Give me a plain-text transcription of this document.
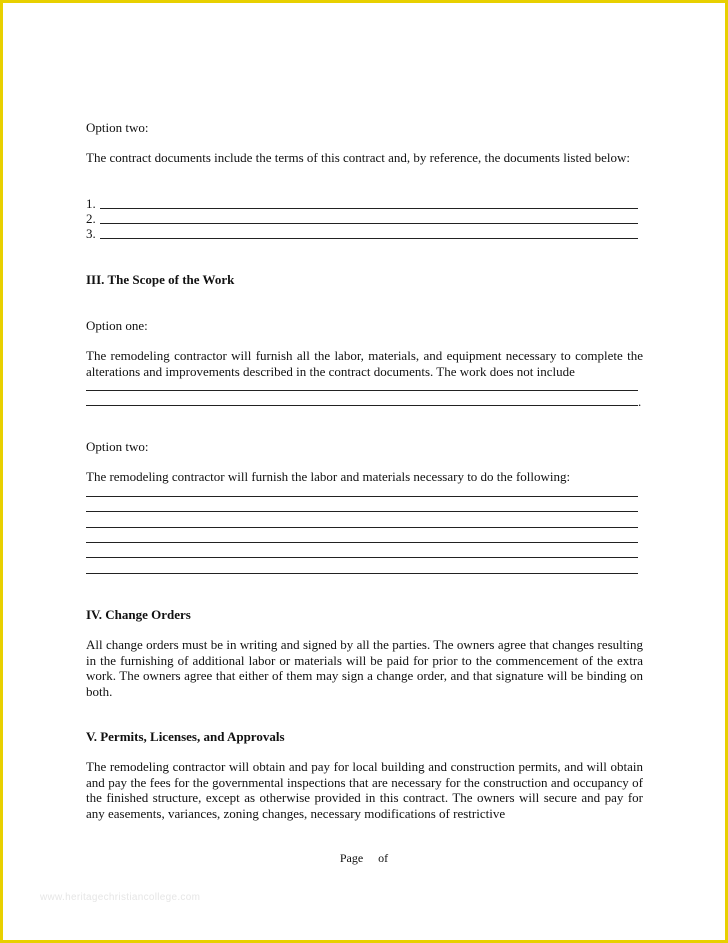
Option two:

The contract documents include the terms of this contract and, by reference, the documents listed below:

1.
2.
3.

III. The Scope of the Work

Option one:

The remodeling contractor will furnish all the labor, materials, and equipment necessary to complete the alterations and improvements described in the contract documents. The work does not include

.

Option two:

The remodeling contractor will furnish the labor and materials necessary to do the following:

IV. Change Orders

All change orders must be in writing and signed by all the parties. The owners agree that changes resulting in the furnishing of additional labor or materials will be paid for prior to the commencement of the extra work. The owners agree that either of them may sign a change order, and that signature will be binding on both.

V. Permits, Licenses, and Approvals

The remodeling contractor will obtain and pay for local building and construction permits, and will obtain and pay the fees for the governmental inspections that are necessary for the construction and occupancy of the finished structure, except as otherwise provided in this contract. The owners will secure and pay for any easements, variances, zoning changes, necessary modifications of restrictive

Page of
www.heritagechristiancollege.com
